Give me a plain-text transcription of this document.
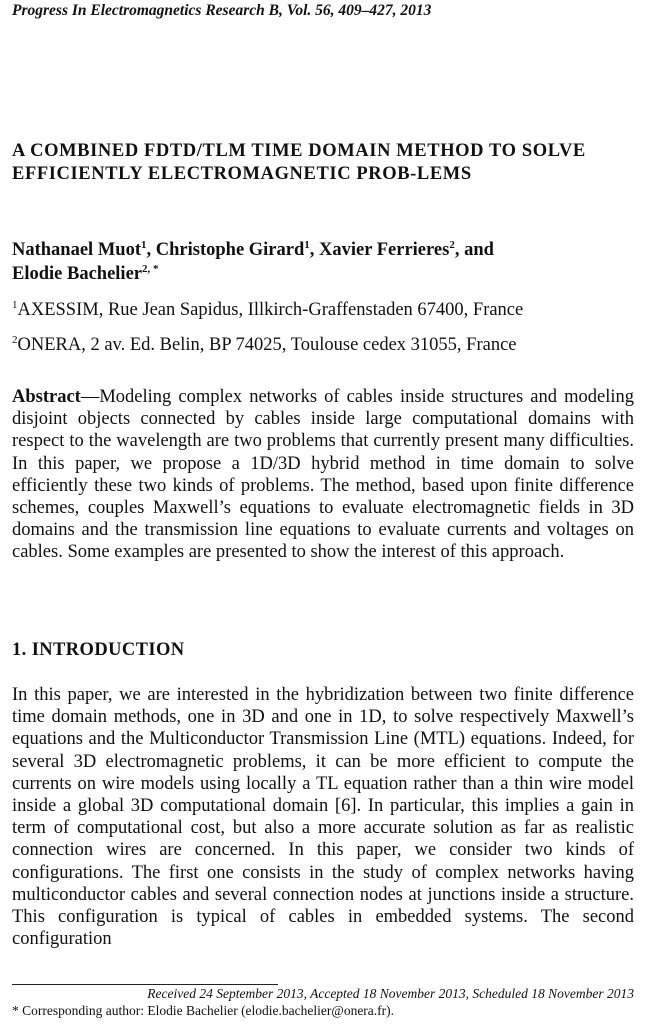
Progress In Electromagnetics Research B, Vol. 56, 409–427, 2013
A COMBINED FDTD/TLM TIME DOMAIN METHOD TO SOLVE EFFICIENTLY ELECTROMAGNETIC PROB-LEMS
Nathanael Muot$^1$, Christophe Girard$^1$, Xavier Ferrieres$^2$, and
Elodie Bachelier$^{2, *}$
$^1$AXESSIM, Rue Jean Sapidus, Illkirch-Graffenstaden 67400, France
$^2$ONERA, 2 av. Ed. Belin, BP 74025, Toulouse cedex 31055, France
Abstract—Modeling complex networks of cables inside structures and modeling disjoint objects connected by cables inside large computational domains with respect to the wavelength are two problems that currently present many difficulties. In this paper, we propose a 1D/3D hybrid method in time domain to solve efficiently these two kinds of problems. The method, based upon finite difference schemes, couples Maxwell’s equations to evaluate electromagnetic fields in 3D domains and the transmission line equations to evaluate currents and voltages on cables. Some examples are presented to show the interest of this approach.
1. INTRODUCTION
In this paper, we are interested in the hybridization between two finite difference time domain methods, one in 3D and one in 1D, to solve respectively Maxwell’s equations and the Multiconductor Transmission Line (MTL) equations. Indeed, for several 3D electromagnetic problems, it can be more efficient to compute the currents on wire models using locally a TL equation rather than a thin wire model inside a global 3D computational domain [6]. In particular, this implies a gain in term of computational cost, but also a more accurate solution as far as realistic connection wires are concerned. In this paper, we consider two kinds of configurations. The first one consists in the study of complex networks having multiconductor cables and several connection nodes at junctions inside a structure. This configuration is typical of cables in embedded systems. The second configuration
Received 24 September 2013, Accepted 18 November 2013, Scheduled 18 November 2013
* Corresponding author: Elodie Bachelier (elodie.bachelier@onera.fr).
